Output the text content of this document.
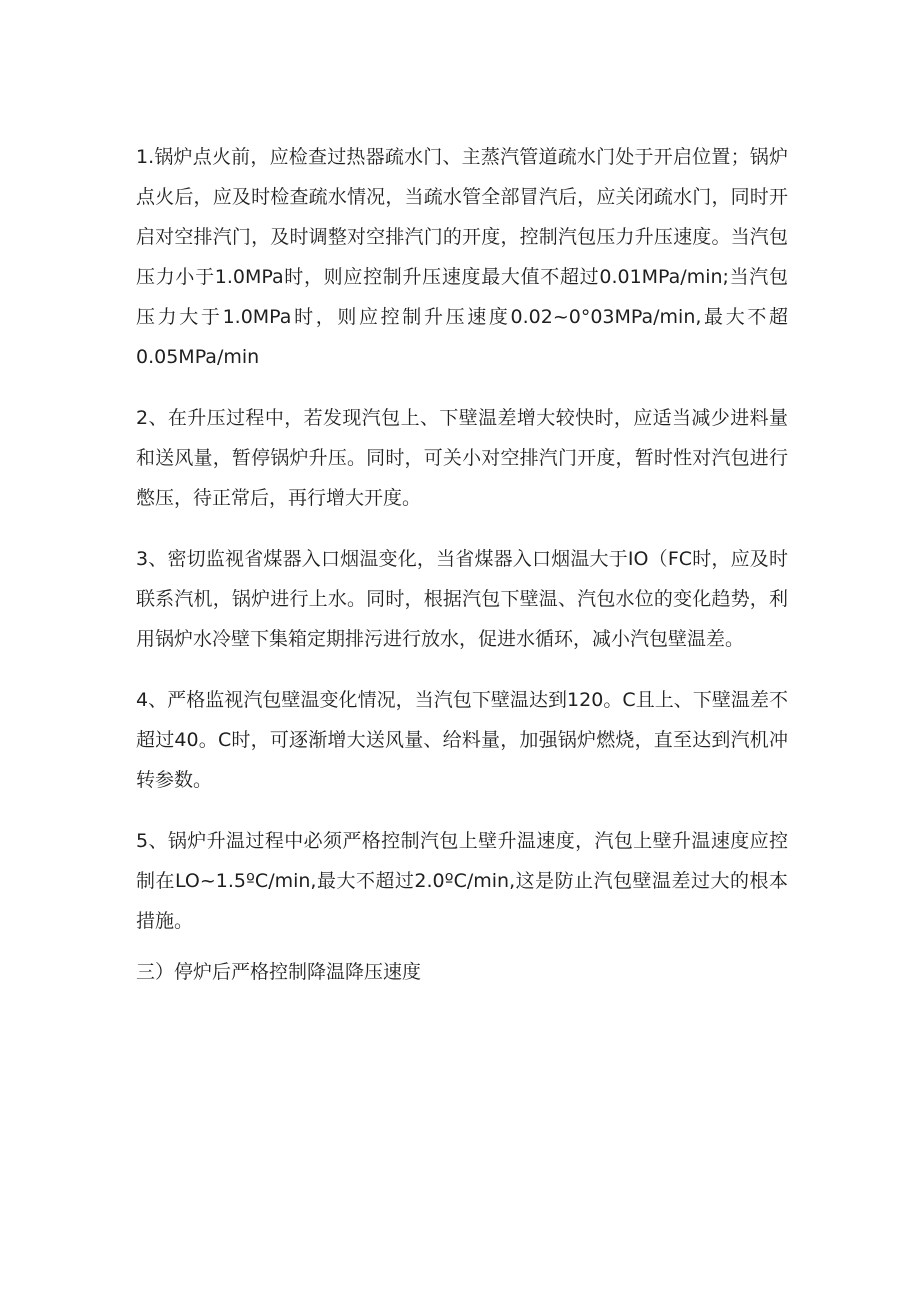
1.锅炉点火前，应检查过热器疏水门、主蒸汽管道疏水门处于开启位置；锅炉点火后，应及时检查疏水情况，当疏水管全部冒汽后，应关闭疏水门，同时开启对空排汽门，及时调整对空排汽门的开度，控制汽包压力升压速度。当汽包压力小于1.0MPa时，则应控制升压速度最大值不超过0.01MPa/min;当汽包压力大于1.0MPa时，则应控制升压速度0.02~0°03MPa/min,最大不超0.05MPa/min

2、在升压过程中，若发现汽包上、下壁温差增大较快时，应适当减少进料量和送风量，暂停锅炉升压。同时，可关小对空排汽门开度，暂时性对汽包进行憋压，待正常后，再行增大开度。

3、密切监视省煤器入口烟温变化，当省煤器入口烟温大于IO（FC时，应及时联系汽机，锅炉进行上水。同时，根据汽包下壁温、汽包水位的变化趋势，利用锅炉水冷壁下集箱定期排污进行放水，促进水循环，减小汽包壁温差。

4、严格监视汽包壁温变化情况，当汽包下壁温达到120。C且上、下壁温差不超过40。C时，可逐渐增大送风量、给料量，加强锅炉燃烧，直至达到汽机冲转参数。

5、锅炉升温过程中必须严格控制汽包上壁升温速度，汽包上壁升温速度应控制在LO~1.5ºC/min,最大不超过2.0ºC/min,这是防止汽包壁温差过大的根本措施。

三）停炉后严格控制降温降压速度
